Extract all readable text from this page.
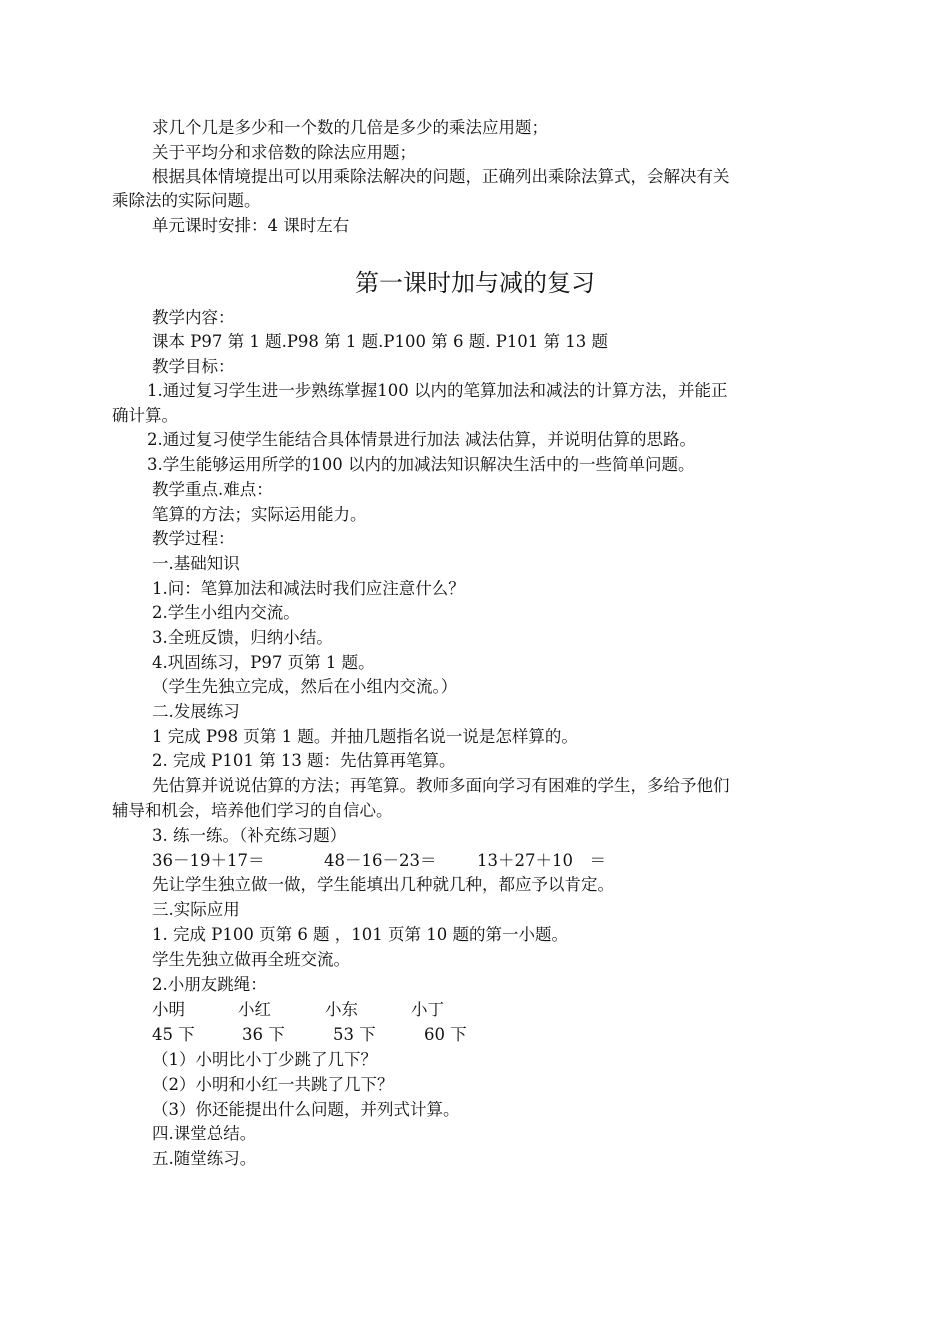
求几个几是多少和一个数的几倍是多少的乘法应用题；
关于平均分和求倍数的除法应用题；
根据具体情境提出可以用乘除法解决的问题，正确列出乘除法算式，会解决有关
乘除法的实际问题。
单元课时安排：4 课时左右
第一课时加与减的复习
教学内容：
课本 P97 第 1 题.P98 第 1 题.P100 第 6 题. P101 第 13 题
教学目标：
1.通过复习学生进一步熟练掌握100 以内的笔算加法和减法的计算方法，并能正
确计算。
2.通过复习使学生能结合具体情景进行加法 减法估算，并说明估算的思路。
3.学生能够运用所学的100 以内的加减法知识解决生活中的一些简单问题。
教学重点.难点：
笔算的方法；实际运用能力。
教学过程：
一.基础知识
1.问：笔算加法和减法时我们应注意什么？
2.学生小组内交流。
3.全班反馈，归纳小结。
4.巩固练习，P97 页第 1 题。
（学生先独立完成，然后在小组内交流。）
二.发展练习
1 完成 P98 页第 1 题。并抽几题指名说一说是怎样算的。
2. 完成 P101 第 13 题：先估算再笔算。
先估算并说说估算的方法；再笔算。教师多面向学习有困难的学生，多给予他们
辅导和机会，培养他们学习的自信心。
3. 练一练。（补充练习题）
36－19＋17＝	48－16－23＝ 13＋27＋10　＝
先让学生独立做一做，学生能填出几种就几种，都应予以肯定。
三.实际应用
1. 完成 P100 页第 6 题 ，101 页第 10 题的第一小题。
学生先独立做再全班交流。
2.小朋友跳绳：
小明	小红	小东	小丁
45 下	36 下	53 下	60 下
（1）小明比小丁少跳了几下？
（2）小明和小红一共跳了几下？
（3）你还能提出什么问题，并列式计算。
四.课堂总结。
五.随堂练习。
